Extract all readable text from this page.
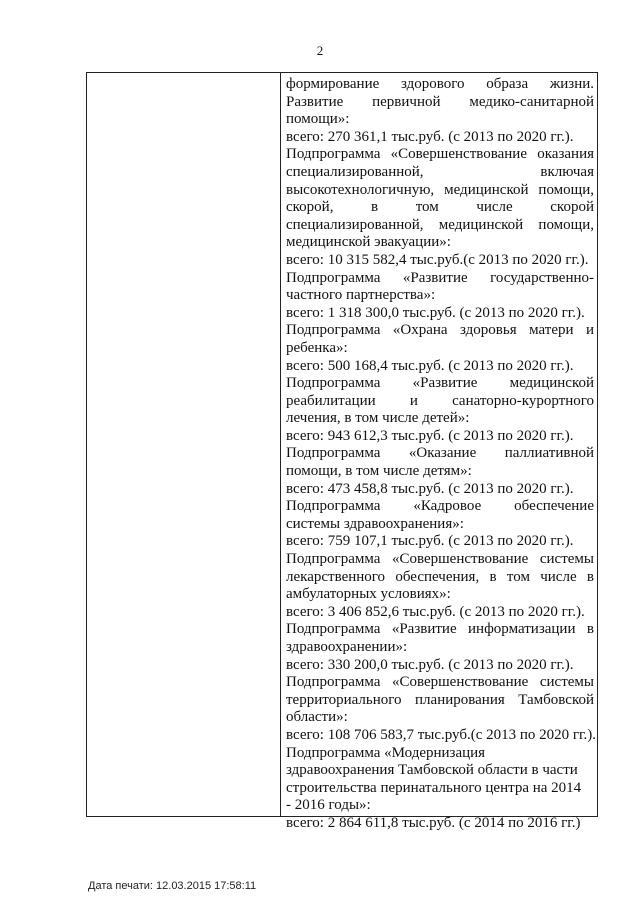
2
формирование здорового образа жизни.
Развитие первичной медико-санитарной
помощи»:
всего: 270 361,1 тыс.руб. (с 2013 по 2020 гг.).
Подпрограмма «Совершенствование оказания
специализированной, включая
высокотехнологичную, медицинской помощи,
скорой, в том числе скорой
специализированной, медицинской помощи,
медицинской эвакуации»:
всего: 10 315 582,4 тыс.руб.(с 2013 по 2020 гг.).
Подпрограмма «Развитие государственно-
частного партнерства»:
всего: 1 318 300,0 тыс.руб. (с 2013 по 2020 гг.).
Подпрограмма «Охрана здоровья матери и
ребенка»:
всего: 500 168,4 тыс.руб. (с 2013 по 2020 гг.).
Подпрограмма «Развитие медицинской
реабилитации и санаторно-курортного
лечения, в том числе детей»:
всего: 943 612,3 тыс.руб. (с 2013 по 2020 гг.).
Подпрограмма «Оказание паллиативной
помощи, в том числе детям»:
всего: 473 458,8 тыс.руб. (с 2013 по 2020 гг.).
Подпрограмма «Кадровое обеспечение
системы здравоохранения»:
всего: 759 107,1 тыс.руб. (с 2013 по 2020 гг.).
Подпрограмма «Совершенствование системы
лекарственного обеспечения, в том числе в
амбулаторных условиях»:
всего: 3 406 852,6 тыс.руб. (с 2013 по 2020 гг.).
Подпрограмма «Развитие информатизации в
здравоохранении»:
всего: 330 200,0 тыс.руб. (с 2013 по 2020 гг.).
Подпрограмма «Совершенствование системы
территориального планирования Тамбовской
области»:
всего: 108 706 583,7 тыс.руб.(с 2013 по 2020 гг.).
Подпрограмма «Модернизация
здравоохранения Тамбовской области в части
строительства перинатального центра на 2014
- 2016 годы»:
всего: 2 864 611,8 тыс.руб. (с 2014 по 2016 гг.)
Дата печати: 12.03.2015 17:58:11
